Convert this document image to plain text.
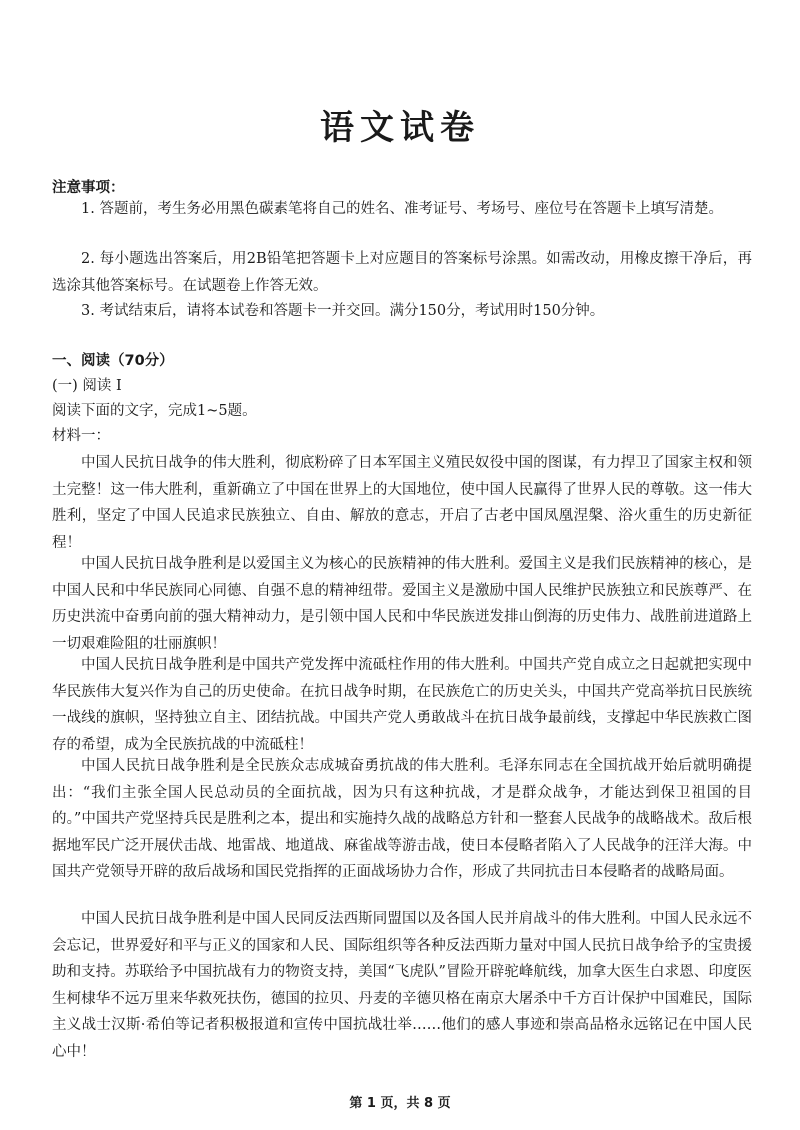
语文试卷
注意事项：

1. 答题前，考生务必用黑色碳素笔将自己的姓名、准考证号、考场号、座位号在答题卡上填写清楚。

2. 每小题选出答案后，用2B铅笔把答题卡上对应题目的答案标号涂黑。如需改动，用橡皮擦干净后，再选涂其他答案标号。在试题卷上作答无效。

3. 考试结束后，请将本试卷和答题卡一并交回。满分150分，考试用时150分钟。

一、阅读（70分）

(一) 阅读 I

阅读下面的文字，完成1~5题。

材料一：

中国人民抗日战争的伟大胜利，彻底粉碎了日本军国主义殖民奴役中国的图谋，有力捍卫了国家主权和领土完整！这一伟大胜利，重新确立了中国在世界上的大国地位，使中国人民赢得了世界人民的尊敬。这一伟大胜利，坚定了中国人民追求民族独立、自由、解放的意志，开启了古老中国凤凰涅槃、浴火重生的历史新征程！

中国人民抗日战争胜利是以爱国主义为核心的民族精神的伟大胜利。爱国主义是我们民族精神的核心，是中国人民和中华民族同心同德、自强不息的精神纽带。爱国主义是激励中国人民维护民族独立和民族尊严、在历史洪流中奋勇向前的强大精神动力，是引领中国人民和中华民族迸发排山倒海的历史伟力、战胜前进道路上一切艰难险阻的壮丽旗帜！

中国人民抗日战争胜利是中国共产党发挥中流砥柱作用的伟大胜利。中国共产党自成立之日起就把实现中华民族伟大复兴作为自己的历史使命。在抗日战争时期，在民族危亡的历史关头，中国共产党高举抗日民族统一战线的旗帜，坚持独立自主、团结抗战。中国共产党人勇敢战斗在抗日战争最前线，支撑起中华民族救亡图存的希望，成为全民族抗战的中流砥柱！

中国人民抗日战争胜利是全民族众志成城奋勇抗战的伟大胜利。毛泽东同志在全国抗战开始后就明确提出：“我们主张全国人民总动员的全面抗战，因为只有这种抗战，才是群众战争，才能达到保卫祖国的目的。”中国共产党坚持兵民是胜利之本，提出和实施持久战的战略总方针和一整套人民战争的战略战术。敌后根据地军民广泛开展伏击战、地雷战、地道战、麻雀战等游击战，使日本侵略者陷入了人民战争的汪洋大海。中国共产党领导开辟的敌后战场和国民党指挥的正面战场协力合作，形成了共同抗击日本侵略者的战略局面。

中国人民抗日战争胜利是中国人民同反法西斯同盟国以及各国人民并肩战斗的伟大胜利。中国人民永远不会忘记，世界爱好和平与正义的国家和人民、国际组织等各种反法西斯力量对中国人民抗日战争给予的宝贵援助和支持。苏联给予中国抗战有力的物资支持，美国“飞虎队”冒险开辟驼峰航线，加拿大医生白求恩、印度医生柯棣华不远万里来华救死扶伤，德国的拉贝、丹麦的辛德贝格在南京大屠杀中千方百计保护中国难民，国际主义战士汉斯·希伯等记者积极报道和宣传中国抗战壮举……他们的感人事迹和崇高品格永远铭记在中国人民心中！

第 1 页，共 8 页
